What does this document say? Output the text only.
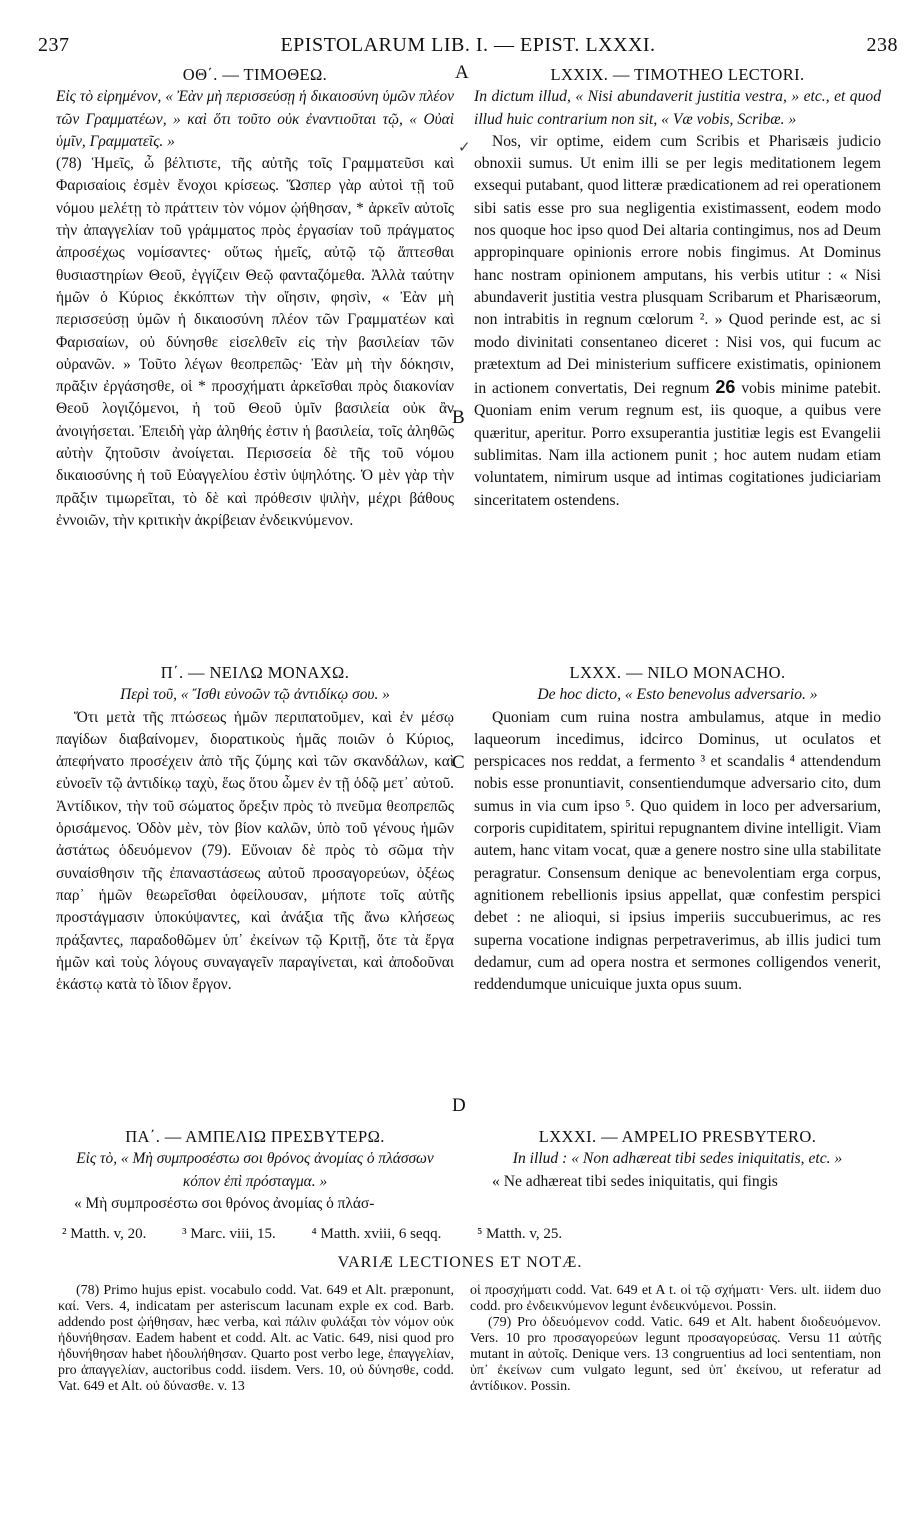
237	EPISTOLARUM LIB. I. — EPIST. LXXXI.	238
A
B
C
D
✓
ΟΘ΄. — ΤΙΜΟΘΕΩ.
Εἰς τὸ εἰρημένον, « Ἐὰν μὴ περισσεύσῃ ἡ δικαιοσύνη ὑμῶν πλέον τῶν Γραμματέων, » καὶ ὅτι τοῦτο οὐκ ἐναντιοῦται τῷ, « Οὐαὶ ὑμῖν, Γραμματεῖς. »
(78) Ἡμεῖς, ὦ βέλτιστε, τῆς αὐτῆς τοῖς Γραμματεῦσι καὶ Φαρισαίοις ἐσμὲν ἔνοχοι κρίσεως. Ὥσπερ γὰρ αὐτοὶ τῇ τοῦ νόμου μελέτῃ τὸ πράττειν τὸν νόμον ᾠήθησαν, * ἀρκεῖν αὐτοῖς τὴν ἀπαγγελίαν τοῦ γράμματος πρὸς ἐργασίαν τοῦ πράγματος ἀπροσέχως νομίσαντες· οὕτως ἡμεῖς, αὐτῷ τῷ ἅπτεσθαι θυσιαστηρίων Θεοῦ, ἐγγίζειν Θεῷ φανταζόμεθα. Ἀλλὰ ταύτην ἡμῶν ὁ Κύριος ἐκκόπτων τὴν οἴησιν, φησὶν, « Ἐὰν μὴ περισσεύσῃ ὑμῶν ἡ δικαιοσύνη πλέον τῶν Γραμματέων καὶ Φαρισαίων, οὐ δύνησθε εἰσελθεῖν εἰς τὴν βασιλείαν τῶν οὐρανῶν. » Τοῦτο λέγων θεοπρεπῶς· Ἐὰν μὴ τὴν δόκησιν, πρᾶξιν ἐργάσησθε, οἱ * προσχήματι ἀρκεῖσθαι πρὸς διακονίαν Θεοῦ λογιζόμενοι, ἡ τοῦ Θεοῦ ὑμῖν βασιλεία οὐκ ἂν ἀνοιγήσεται. Ἐπειδὴ γὰρ ἀληθής ἐστιν ἡ βασιλεία, τοῖς ἀληθῶς αὐτὴν ζητοῦσιν ἀνοίγεται. Περισσεία δὲ τῆς τοῦ νόμου δικαιοσύνης ἡ τοῦ Εὐαγγελίου ἐστὶν ὑψηλότης. Ὁ μὲν γὰρ τὴν πρᾶξιν τιμωρεῖται, τὸ δὲ καὶ πρόθεσιν ψιλὴν, μέχρι βάθους ἐννοιῶν, τὴν κριτικὴν ἀκρίβειαν ἐνδεικνύμενον.
Π΄. — ΝΕΙΛΩ ΜΟΝΑΧΩ.
Περὶ τοῦ, « Ἴσθι εὐνοῶν τῷ ἀντιδίκῳ σου. »
Ὅτι μετὰ τῆς πτώσεως ἡμῶν περιπατοῦμεν, καὶ ἐν μέσῳ παγίδων διαβαίνομεν, διορατικοὺς ἡμᾶς ποιῶν ὁ Κύριος, ἀπεφήνατο προσέχειν ἀπὸ τῆς ζύμης καὶ τῶν σκανδάλων, καὶ εὐνοεῖν τῷ ἀντιδίκῳ ταχὺ, ἕως ὅτου ὦμεν ἐν τῇ ὁδῷ μετ᾽ αὐτοῦ. Ἀντίδικον, τὴν τοῦ σώματος ὄρεξιν πρὸς τὸ πνεῦμα θεοπρεπῶς ὁρισάμενος. Ὁδὸν μὲν, τὸν βίον καλῶν, ὑπὸ τοῦ γένους ἡμῶν ἀστάτως ὁδευόμενον (79). Εὔνοιαν δὲ πρὸς τὸ σῶμα τὴν συναίσθησιν τῆς ἐπαναστάσεως αὐτοῦ προσαγορεύων, ὀξέως παρ᾽ ἡμῶν θεωρεῖσθαι ὀφείλουσαν, μήποτε τοῖς αὐτῆς προστάγμασιν ὑποκύψαντες, καὶ ἀνάξια τῆς ἄνω κλήσεως πράξαντες, παραδοθῶμεν ὑπ᾽ ἐκείνων τῷ Κριτῇ, ὅτε τὰ ἔργα ἡμῶν καὶ τοὺς λόγους συναγαγεῖν παραγίνεται, καὶ ἀποδοῦναι ἑκάστῳ κατὰ τὸ ἴδιον ἔργον.
ΠΑ΄. — ΑΜΠΕΛΙΩ ΠΡΕΣΒΥΤΕΡΩ.
Εἰς τὸ, « Μὴ συμπροσέστω σοι θρόνος ἀνομίας ὁ πλάσσων κόπον ἐπὶ πρόσταγμα. »
« Μὴ συμπροσέστω σοι θρόνος ἀνομίας ὁ πλάσ-
LXXIX. — TIMOTHEO LECTORI.
In dictum illud, « Nisi abundaverit justitia vestra, » etc., et quod illud huic contrarium non sit, « Væ vobis, Scribæ. »
Nos, vir optime, eidem cum Scribis et Pharisæis judicio obnoxii sumus. Ut enim illi se per legis meditationem legem exsequi putabant, quod litteræ prædicationem ad rei operationem sibi satis esse pro sua negligentia existimassent, eodem modo nos quoque hoc ipso quod Dei altaria contingimus, nos ad Deum appropinquare opinionis errore nobis fingimus. At Dominus hanc nostram opinionem amputans, his verbis utitur : « Nisi abundaverit justitia vestra plusquam Scribarum et Pharisæorum, non intrabitis in regnum cœlorum ². » Quod perinde est, ac si modo divinitati consentaneo diceret : Nisi vos, qui fucum ac prætextum ad Dei ministerium sufficere existimatis, opinionem in actionem convertatis, Dei regnum 26 vobis minime patebit. Quoniam enim verum regnum est, iis quoque, a quibus vere quæritur, aperitur. Porro exsuperantia justitiæ legis est Evangelii sublimitas. Nam illa actionem punit ; hoc autem nudam etiam voluntatem, nimirum usque ad intimas cogitationes judiciariam sinceritatem ostendens.
LXXX. — NILO MONACHO.
De hoc dicto, « Esto benevolus adversario. »
Quoniam cum ruina nostra ambulamus, atque in medio laqueorum incedimus, idcirco Dominus, ut oculatos et perspicaces nos reddat, a fermento ³ et scandalis ⁴ attendendum nobis esse pronuntiavit, consentiendumque adversario cito, dum sumus in via cum ipso ⁵. Quo quidem in loco per adversarium, corporis cupiditatem, spiritui repugnantem divine intelligit. Viam autem, hanc vitam vocat, quæ a genere nostro sine ulla stabilitate peragratur. Consensum denique ac benevolentiam erga corpus, agnitionem rebellionis ipsius appellat, quæ confestim perspici debet : ne alioqui, si ipsius imperiis succubuerimus, ac res superna vocatione indignas perpetraverimus, ab illis judici tum dedamur, cum ad opera nostra et sermones colligendos venerit, reddendumque unicuique juxta opus suum.
LXXXI. — AMPELIO PRESBYTERO.
In illud : « Non adhæreat tibi sedes iniquitatis, etc. »
« Ne adhæreat tibi sedes iniquitatis, qui fingis
² Matth. v, 20. ³ Marc. viii, 15. ⁴ Matth. xviii, 6 seqq. ⁵ Matth. v, 25.
VARIÆ LECTIONES ET NOTÆ.
(78) Primo hujus epist. vocabulo codd. Vat. 649 et Alt. præponunt, καί. Vers. 4, indicatam per asteriscum lacunam exple ex cod. Barb. addendo post ᾠήθησαν, hæc verba, καὶ πάλιν φυλάξαι τὸν νόμον οὐκ ἠδυνήθησαν. Eadem habent et codd. Alt. ac Vatic. 649, nisi quod pro ἠδυνήθησαν habet ἠδουλήθησαν. Quarto post verbo lege, ἐπαγγελίαν, pro ἀπαγγελίαν, auctoribus codd. iisdem. Vers. 10, οὐ δύνησθε, codd. Vat. 649 et Alt. οὐ δύνασθε. v. 13
οἱ προσχήματι codd. Vat. 649 et A t. οἱ τῷ σχήματι· Vers. ult. iidem duo codd. pro ἐνδεικνύμενον legunt ἐνδεικνύμενοι. Possin.
(79) Pro ὁδευόμενον codd. Vatic. 649 et Alt. habent διοδευόμενον. Vers. 10 pro προσαγορεύων legunt προσαγορεύσας. Versu 11 αὐτῆς mutant in αὐτοῖς. Denique vers. 13 congruentius ad loci sententiam, non ὑπ᾽ ἐκείνων cum vulgato legunt, sed ὑπ᾽ ἐκείνου, ut referatur ad ἀντίδικον. Possin.
